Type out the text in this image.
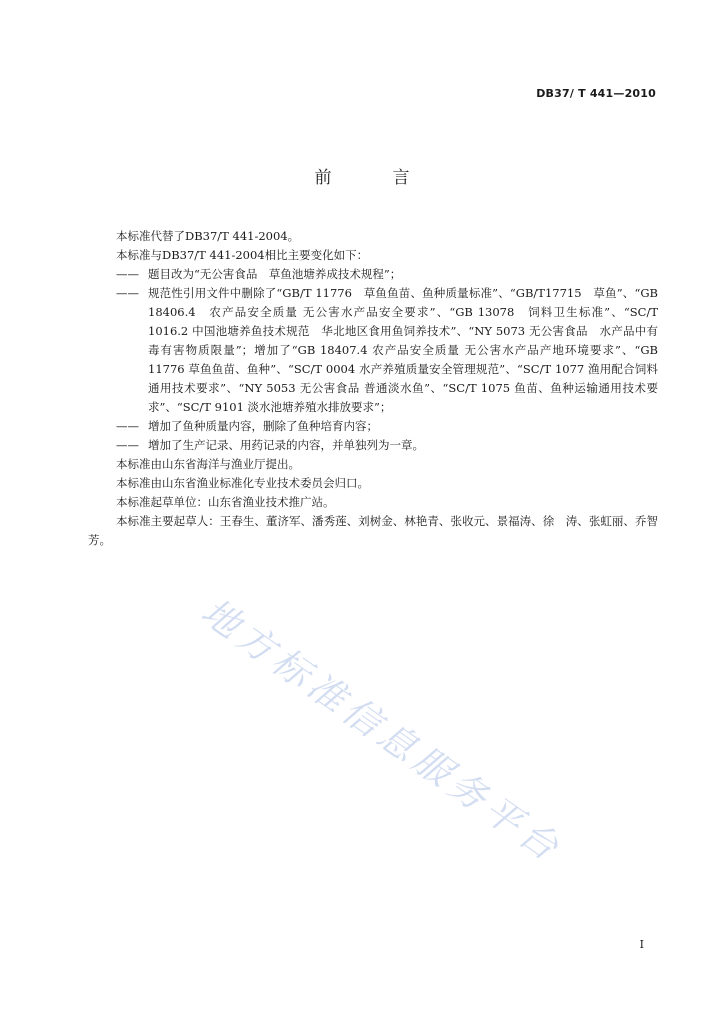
DB37/ T 441—2010
前　言

本标准代替了DB37/T 441-2004。

本标准与DB37/T 441-2004相比主要变化如下：

—— 题目改为“无公害食品　草鱼池塘养成技术规程”；
—— 规范性引用文件中删除了“GB/T 11776　草鱼鱼苗、鱼种质量标准”、“GB/T17715　草鱼”、“GB 18406.4　农产品安全质量 无公害水产品安全要求”、“GB 13078　饲料卫生标准”、“SC/T 1016.2 中国池塘养鱼技术规范　华北地区食用鱼饲养技术”、“NY 5073 无公害食品　水产品中有毒有害物质限量”；增加了“GB 18407.4 农产品安全质量 无公害水产品产地环境要求”、“GB 11776 草鱼鱼苗、鱼种”、“SC/T 0004 水产养殖质量安全管理规范”、“SC/T 1077 渔用配合饲料通用技术要求”、“NY 5053 无公害食品 普通淡水鱼”、“SC/T 1075 鱼苗、鱼种运输通用技术要求”、“SC/T 9101 淡水池塘养殖水排放要求”；
—— 增加了鱼种质量内容，删除了鱼种培育内容；
—— 增加了生产记录、用药记录的内容，并单独列为一章。

本标准由山东省海洋与渔业厅提出。

本标准由山东省渔业标准化专业技术委员会归口。

本标准起草单位：山东省渔业技术推广站。

本标准主要起草人：王春生、董济军、潘秀莲、刘树金、林艳青、张收元、景福涛、徐　涛、张虹丽、乔智芳。
地方标准信息服务平台
I
